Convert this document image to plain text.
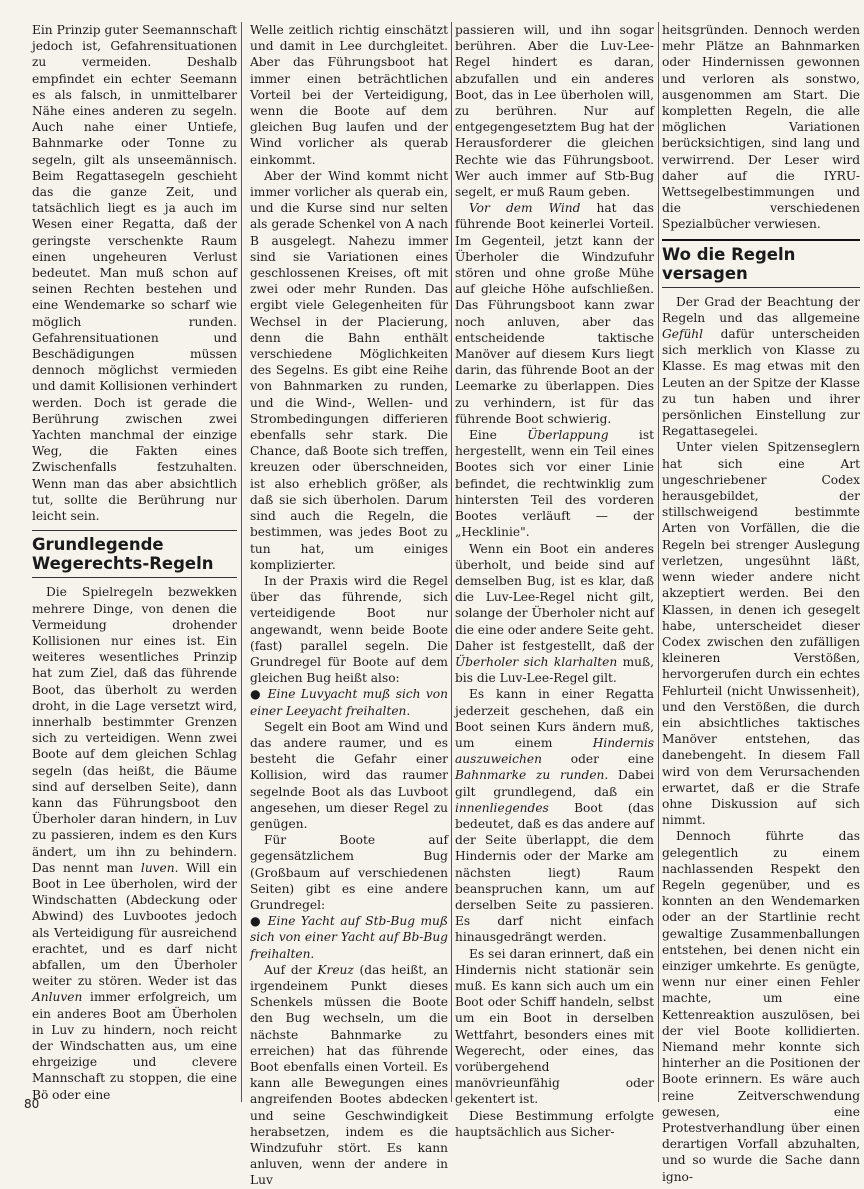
Ein Prinzip guter Seemannschaft jedoch ist, Gefahrensituationen zu vermeiden. Deshalb empfindet ein echter Seemann es als falsch, in unmittelbarer Nähe eines anderen zu segeln. Auch nahe einer Untiefe, Bahnmarke oder Tonne zu segeln, gilt als unseemännisch. Beim Regattasegeln geschieht das die ganze Zeit, und tatsächlich liegt es ja auch im Wesen einer Regatta, daß der geringste verschenkte Raum einen ungeheuren Verlust bedeutet. Man muß schon auf seinen Rechten bestehen und eine Wendemarke so scharf wie möglich runden. Gefahrensituationen und Beschädigungen müssen dennoch möglichst vermieden und damit Kollisionen verhindert werden. Doch ist gerade die Berührung zwischen zwei Yachten manchmal der einzige Weg, die Fakten eines Zwischenfalls festzuhalten. Wenn man das aber absichtlich tut, sollte die Berührung nur leicht sein.

Grundlegende Wegerechts-Regeln

Die Spielregeln bezwekken mehrere Dinge, von denen die Vermeidung drohender Kollisionen nur eines ist. Ein weiteres wesentliches Prinzip hat zum Ziel, daß das führende Boot, das überholt zu werden droht, in die Lage versetzt wird, innerhalb bestimmter Grenzen sich zu verteidigen. Wenn zwei Boote auf dem gleichen Schlag segeln (das heißt, die Bäume sind auf derselben Seite), dann kann das Führungsboot den Überholer daran hindern, in Luv zu passieren, indem es den Kurs ändert, um ihn zu behindern. Das nennt man luven. Will ein Boot in Lee überholen, wird der Windschatten (Abdeckung oder Abwind) des Luvbootes jedoch als Verteidigung für ausreichend erachtet, und es darf nicht abfallen, um den Überholer weiter zu stören. Weder ist das Anluven immer erfolgreich, um ein anderes Boot am Überholen in Luv zu hindern, noch reicht der Windschatten aus, um eine ehrgeizige und clevere Mannschaft zu stoppen, die eine Bö oder eine

Welle zeitlich richtig einschätzt und damit in Lee durchgleitet. Aber das Führungsboot hat immer einen beträchtlichen Vorteil bei der Verteidigung, wenn die Boote auf dem gleichen Bug laufen und der Wind vorlicher als querab einkommt.

Aber der Wind kommt nicht immer vorlicher als querab ein, und die Kurse sind nur selten als gerade Schenkel von A nach B ausgelegt. Nahezu immer sind sie Variationen eines geschlossenen Kreises, oft mit zwei oder mehr Runden. Das ergibt viele Gelegenheiten für Wechsel in der Placierung, denn die Bahn enthält verschiedene Möglichkeiten des Segelns. Es gibt eine Reihe von Bahnmarken zu runden, und die Wind-, Wellen- und Strombedingungen differieren ebenfalls sehr stark. Die Chance, daß Boote sich treffen, kreuzen oder überschneiden, ist also erheblich größer, als daß sie sich überholen. Darum sind auch die Regeln, die bestimmen, was jedes Boot zu tun hat, um einiges komplizierter.

In der Praxis wird die Regel über das führende, sich verteidigende Boot nur angewandt, wenn beide Boote (fast) parallel segeln. Die Grundregel für Boote auf dem gleichen Bug heißt also:

● Eine Luvyacht muß sich von einer Leeyacht freihalten.

Segelt ein Boot am Wind und das andere raumer, und es besteht die Gefahr einer Kollision, wird das raumer segelnde Boot als das Luvboot angesehen, um dieser Regel zu genügen.

Für Boote auf gegensätzlichem Bug (Großbaum auf verschiedenen Seiten) gibt es eine andere Grundregel:

● Eine Yacht auf Stb-Bug muß sich von einer Yacht auf Bb-Bug freihalten.

Auf der Kreuz (das heißt, an irgendeinem Punkt dieses Schenkels müssen die Boote den Bug wechseln, um die nächste Bahnmarke zu erreichen) hat das führende Boot ebenfalls einen Vorteil. Es kann alle Bewegungen eines angreifenden Bootes abdecken und seine Geschwindigkeit herabsetzen, indem es die Windzufuhr stört. Es kann anluven, wenn der andere in Luv

passieren will, und ihn sogar berühren. Aber die Luv-Lee-Regel hindert es daran, abzufallen und ein anderes Boot, das in Lee überholen will, zu berühren. Nur auf entgegengesetztem Bug hat der Herausforderer die gleichen Rechte wie das Führungsboot. Wer auch immer auf Stb-Bug segelt, er muß Raum geben.

Vor dem Wind hat das führende Boot keinerlei Vorteil. Im Gegenteil, jetzt kann der Überholer die Windzufuhr stören und ohne große Mühe auf gleiche Höhe aufschließen. Das Führungsboot kann zwar noch anluven, aber das entscheidende taktische Manöver auf diesem Kurs liegt darin, das führende Boot an der Leemarke zu überlappen. Dies zu verhindern, ist für das führende Boot schwierig.

Eine Überlappung ist hergestellt, wenn ein Teil eines Bootes sich vor einer Linie befindet, die rechtwinklig zum hintersten Teil des vorderen Bootes verläuft — der „Hecklinie".

Wenn ein Boot ein anderes überholt, und beide sind auf demselben Bug, ist es klar, daß die Luv-Lee-Regel nicht gilt, solange der Überholer nicht auf die eine oder andere Seite geht. Daher ist festgestellt, daß der Überholer sich klarhalten muß, bis die Luv-Lee-Regel gilt.

Es kann in einer Regatta jederzeit geschehen, daß ein Boot seinen Kurs ändern muß, um einem Hindernis auszuweichen oder eine Bahnmarke zu runden. Dabei gilt grundlegend, daß ein innenliegendes Boot (das bedeutet, daß es das andere auf der Seite überlappt, die dem Hindernis oder der Marke am nächsten liegt) Raum beanspruchen kann, um auf derselben Seite zu passieren. Es darf nicht einfach hinausgedrängt werden.

Es sei daran erinnert, daß ein Hindernis nicht stationär sein muß. Es kann sich auch um ein Boot oder Schiff handeln, selbst um ein Boot in derselben Wettfahrt, besonders eines mit Wegerecht, oder eines, das vorübergehend manövrieunfähig oder gekentert ist.

Diese Bestimmung erfolgte hauptsächlich aus Sicher-

heitsgründen. Dennoch werden mehr Plätze an Bahnmarken oder Hindernissen gewonnen und verloren als sonstwo, ausgenommen am Start. Die kompletten Regeln, die alle möglichen Variationen berücksichtigen, sind lang und verwirrend. Der Leser wird daher auf die IYRU-Wettsegelbestimmungen und die verschiedenen Spezialbücher verwiesen.

Wo die Regeln versagen

Der Grad der Beachtung der Regeln und das allgemeine Gefühl dafür unterscheiden sich merklich von Klasse zu Klasse. Es mag etwas mit den Leuten an der Spitze der Klasse zu tun haben und ihrer persönlichen Einstellung zur Regattasegelei.

Unter vielen Spitzenseglern hat sich eine Art ungeschriebener Codex herausgebildet, der stillschweigend bestimmte Arten von Vorfällen, die die Regeln bei strenger Auslegung verletzen, ungesühnt läßt, wenn wieder andere nicht akzeptiert werden. Bei den Klassen, in denen ich gesegelt habe, unterscheidet dieser Codex zwischen den zufälligen kleineren Verstößen, hervorgerufen durch ein echtes Fehlurteil (nicht Unwissenheit), und den Verstößen, die durch ein absichtliches taktisches Manöver entstehen, das danebengeht. In diesem Fall wird von dem Verursachenden erwartet, daß er die Strafe ohne Diskussion auf sich nimmt.

Dennoch führte das gelegentlich zu einem nachlassenden Respekt den Regeln gegenüber, und es konnten an den Wendemarken oder an der Startlinie recht gewaltige Zusammenballungen entstehen, bei denen nicht ein einziger umkehrte. Es genügte, wenn nur einer einen Fehler machte, um eine Kettenreaktion auszulösen, bei der viel Boote kollidierten. Niemand mehr konnte sich hinterher an die Positionen der Boote erinnern. Es wäre auch reine Zeitverschwendung gewesen, eine Protestverhandlung über einen derartigen Vorfall abzuhalten, und so wurde die Sache dann igno-

80
